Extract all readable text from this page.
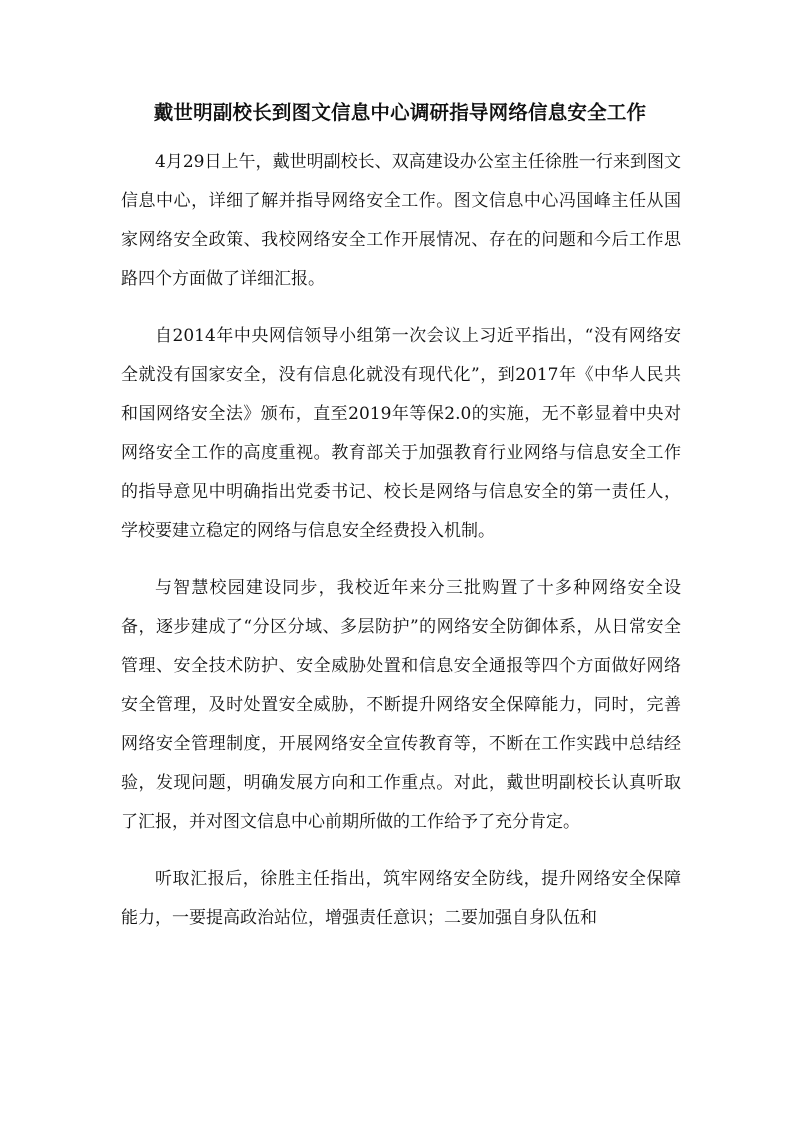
戴世明副校长到图文信息中心调研指导网络信息安全工作

4月29日上午，戴世明副校长、双高建设办公室主任徐胜一行来到图文信息中心，详细了解并指导网络安全工作。图文信息中心冯国峰主任从国家网络安全政策、我校网络安全工作开展情况、存在的问题和今后工作思路四个方面做了详细汇报。

自2014年中央网信领导小组第一次会议上习近平指出，“没有网络安全就没有国家安全，没有信息化就没有现代化”，到2017年《中华人民共和国网络安全法》颁布，直至2019年等保2.0的实施，无不彰显着中央对网络安全工作的高度重视。教育部关于加强教育行业网络与信息安全工作的指导意见中明确指出党委书记、校长是网络与信息安全的第一责任人，学校要建立稳定的网络与信息安全经费投入机制。

与智慧校园建设同步，我校近年来分三批购置了十多种网络安全设备，逐步建成了“分区分域、多层防护”的网络安全防御体系，从日常安全管理、安全技术防护、安全威胁处置和信息安全通报等四个方面做好网络安全管理，及时处置安全威胁，不断提升网络安全保障能力，同时，完善网络安全管理制度，开展网络安全宣传教育等，不断在工作实践中总结经验，发现问题，明确发展方向和工作重点。对此，戴世明副校长认真听取了汇报，并对图文信息中心前期所做的工作给予了充分肯定。

听取汇报后，徐胜主任指出，筑牢网络安全防线，提升网络安全保障能力，一要提高政治站位，增强责任意识；二要加强自身队伍和
